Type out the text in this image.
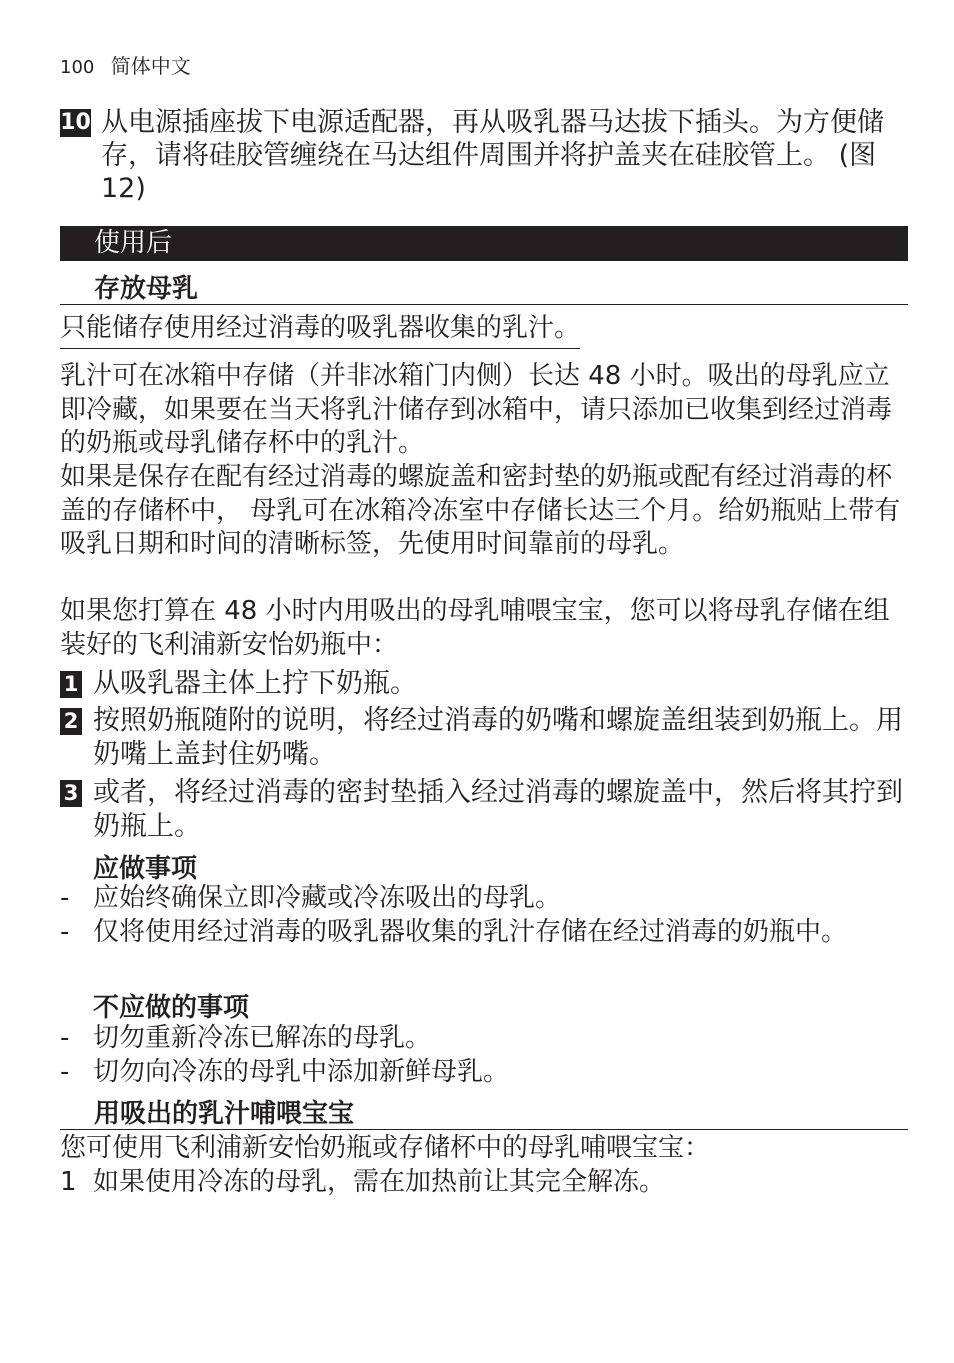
100 简体中文
10 从电源插座拔下电源适配器，再从吸乳器马达拔下插头。为方便储存，请将硅胶管缠绕在马达组件周围并将护盖夹在硅胶管上。 (图 12)
使用后
存放母乳
只能储存使用经过消毒的吸乳器收集的乳汁。
乳汁可在冰箱中存储（并非冰箱门内侧）长达 48 小时。吸出的母乳应立即冷藏，如果要在当天将乳汁储存到冰箱中，请只添加已收集到经过消毒的奶瓶或母乳储存杯中的乳汁。
如果是保存在配有经过消毒的螺旋盖和密封垫的奶瓶或配有经过消毒的杯盖的存储杯中， 母乳可在冰箱冷冻室中存储长达三个月。给奶瓶贴上带有吸乳日期和时间的清晰标签，先使用时间靠前的母乳。
如果您打算在 48 小时内用吸出的母乳哺喂宝宝，您可以将母乳存储在组装好的飞利浦新安怡奶瓶中：
1 从吸乳器主体上拧下奶瓶。
2 按照奶瓶随附的说明，将经过消毒的奶嘴和螺旋盖组装到奶瓶上。用奶嘴上盖封住奶嘴。
3 或者，将经过消毒的密封垫插入经过消毒的螺旋盖中，然后将其拧到奶瓶上。
应做事项
- 应始终确保立即冷藏或冷冻吸出的母乳。
- 仅将使用经过消毒的吸乳器收集的乳汁存储在经过消毒的奶瓶中。
不应做的事项
- 切勿重新冷冻已解冻的母乳。
- 切勿向冷冻的母乳中添加新鲜母乳。
用吸出的乳汁哺喂宝宝
您可使用飞利浦新安怡奶瓶或存储杯中的母乳哺喂宝宝：
1 如果使用冷冻的母乳，需在加热前让其完全解冻。
